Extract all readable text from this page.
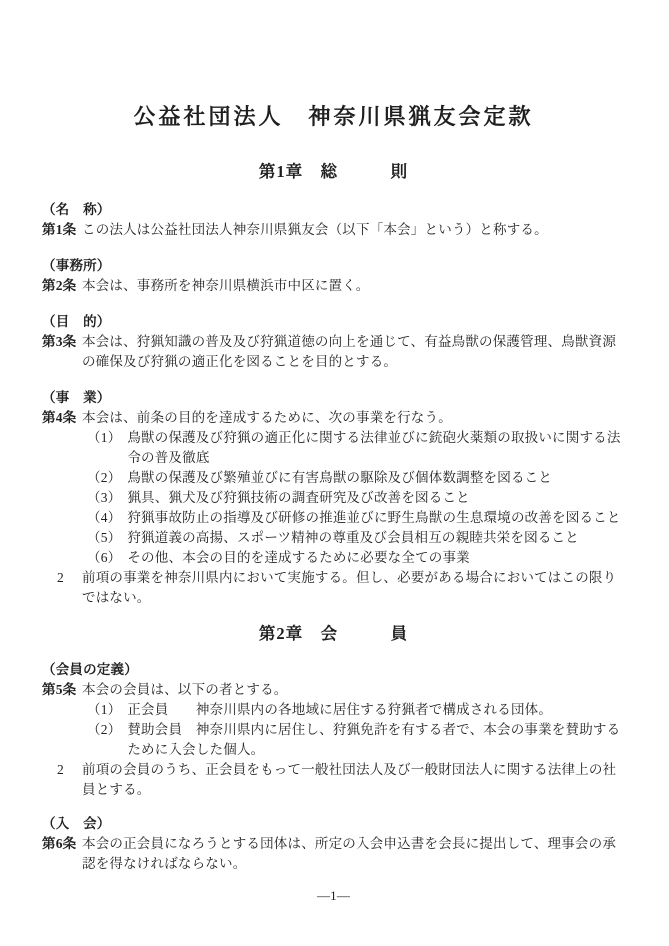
公益社団法人　神奈川県猟友会定款
第1章　総　　　則
（名　称）
第1条 この法人は公益社団法人神奈川県猟友会（以下「本会」という）と称する。
（事務所）
第2条 本会は、事務所を神奈川県横浜市中区に置く。
（目　的）
第3条 本会は、狩猟知識の普及及び狩猟道徳の向上を通じて、有益鳥獣の保護管理、鳥獣資源の確保及び狩猟の適正化を図ることを目的とする。
（事　業）
第4条 本会は、前条の目的を達成するために、次の事業を行なう。
（1） 鳥獣の保護及び狩猟の適正化に関する法律並びに銃砲火薬類の取扱いに関する法令の普及徹底
（2） 鳥獣の保護及び繁殖並びに有害鳥獣の駆除及び個体数調整を図ること
（3） 猟具、猟犬及び狩猟技術の調査研究及び改善を図ること
（4） 狩猟事故防止の指導及び研修の推進並びに野生鳥獣の生息環境の改善を図ること
（5） 狩猟道義の高揚、スポーツ精神の尊重及び会員相互の親睦共栄を図ること
（6） その他、本会の目的を達成するために必要な全ての事業
2	前項の事業を神奈川県内において実施する。但し、必要がある場合においてはこの限りではない。
第2章　会　　　員
（会員の定義）
第5条 本会の会員は、以下の者とする。
（1） 正会員　　神奈川県内の各地域に居住する狩猟者で構成される団体。
（2） 賛助会員　神奈川県内に居住し、狩猟免許を有する者で、本会の事業を賛助するために入会した個人。
2	前項の会員のうち、正会員をもって一般社団法人及び一般財団法人に関する法律上の社員とする。
（入　会）
第6条 本会の正会員になろうとする団体は、所定の入会申込書を会長に提出して、理事会の承認を得なければならない。
—1—
